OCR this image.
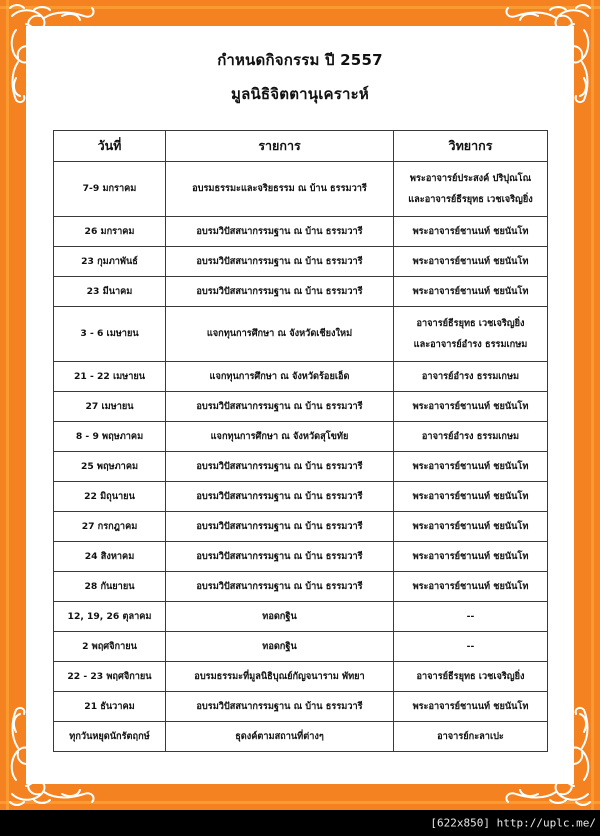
กำหนดกิจกรรม ปี 2557
มูลนิธิจิตตานุเคราะห์
วันที่	รายการ	วิทยากร
7-9 มกราคม	อบรมธรรมะและจริยธรรม ณ บ้าน ธรรมวารี	พระอาจารย์ประสงค์ ปริปุณโณ
และอาจารย์ธีรยุทธ เวชเจริญยิ่ง

26 มกราคม	อบรมวิปัสสนากรรมฐาน ณ บ้าน ธรรมวารี	พระอาจารย์ชานนท์ ชยนันโท

23 กุมภาพันธ์	อบรมวิปัสสนากรรมฐาน ณ บ้าน ธรรมวารี	พระอาจารย์ชานนท์ ชยนันโท

23 มีนาคม	อบรมวิปัสสนากรรมฐาน ณ บ้าน ธรรมวารี	พระอาจารย์ชานนท์ ชยนันโท

3 - 6 เมษายน	แจกทุนการศึกษา ณ จังหวัดเชียงใหม่	อาจารย์ธีรยุทธ เวชเจริญยิ่ง
และอาจารย์อำรง ธรรมเกษม

21 - 22 เมษายน	แจกทุนการศึกษา ณ จังหวัดร้อยเอ็ด	อาจารย์อำรง ธรรมเกษม

27 เมษายน	อบรมวิปัสสนากรรมฐาน ณ บ้าน ธรรมวารี	พระอาจารย์ชานนท์ ชยนันโท

8 - 9 พฤษภาคม	แจกทุนการศึกษา ณ จังหวัดสุโขทัย	อาจารย์อำรง ธรรมเกษม

25 พฤษภาคม	อบรมวิปัสสนากรรมฐาน ณ บ้าน ธรรมวารี	พระอาจารย์ชานนท์ ชยนันโท

22 มิถุนายน	อบรมวิปัสสนากรรมฐาน ณ บ้าน ธรรมวารี	พระอาจารย์ชานนท์ ชยนันโท

27 กรกฎาคม	อบรมวิปัสสนากรรมฐาน ณ บ้าน ธรรมวารี	พระอาจารย์ชานนท์ ชยนันโท

24 สิงหาคม	อบรมวิปัสสนากรรมฐาน ณ บ้าน ธรรมวารี	พระอาจารย์ชานนท์ ชยนันโท

28 กันยายน	อบรมวิปัสสนากรรมฐาน ณ บ้าน ธรรมวารี	พระอาจารย์ชานนท์ ชยนันโท

12, 19, 26 ตุลาคม	ทอดกฐิน	--

2 พฤศจิกายน	ทอดกฐิน	--

22 - 23 พฤศจิกายน	อบรมธรรมะที่มูลนิธิบุณย์กัญจนาราม พัทยา	อาจารย์ธีรยุทธ เวชเจริญยิ่ง

21 ธันวาคม	อบรมวิปัสสนากรรมฐาน ณ บ้าน ธรรมวารี	พระอาจารย์ชานนท์ ชยนันโท

ทุกวันหยุดนักรัตฤกษ์	ธุดงค์ตามสถานที่ต่างๆ	อาจารย์กะลาเปะ
[622x850] http://uplc.me/
